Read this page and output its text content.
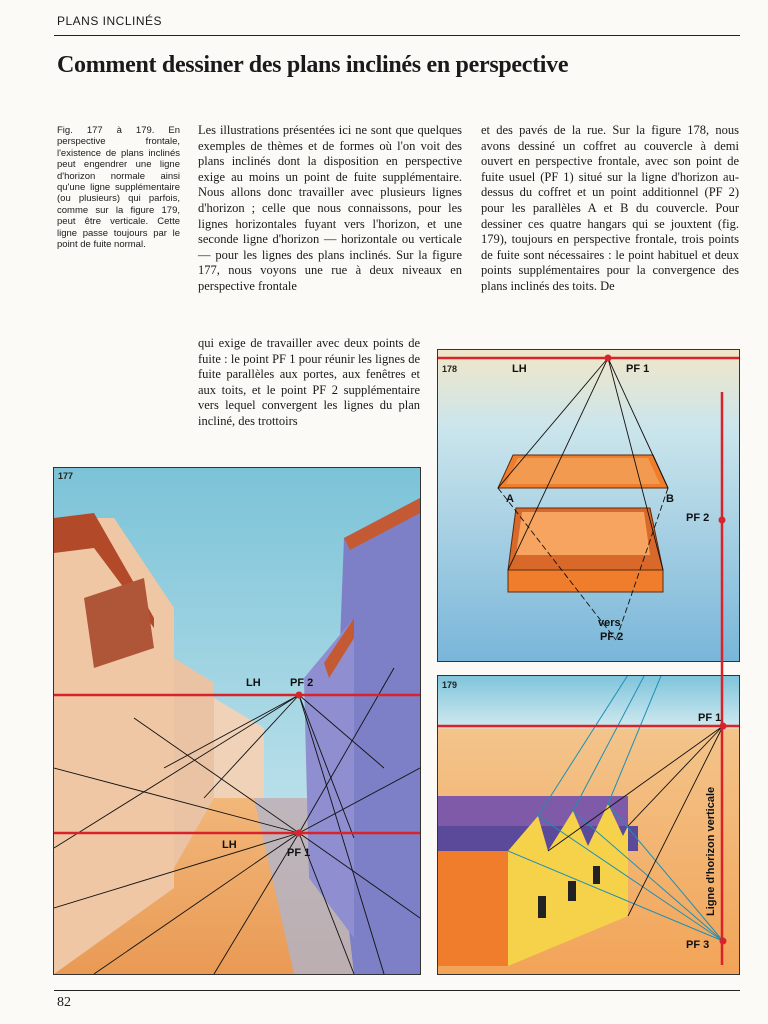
PLANS INCLINÉS
Comment dessiner des plans inclinés en perspective
Fig. 177 à 179. En perspective frontale, l'existence de plans inclinés peut engendrer une ligne d'horizon normale ainsi qu'une ligne supplémentaire (ou plusieurs) qui parfois, comme sur la figure 179, peut être verticale. Cette ligne passe toujours par le point de fuite normal.
Les illustrations présentées ici ne sont que quelques exemples de thèmes et de formes où l'on voit des plans inclinés dont la disposition en perspective exige au moins un point de fuite supplémentaire. Nous allons donc travailler avec plusieurs lignes d'horizon ; celle que nous connaissons, pour les lignes horizontales fuyant vers l'horizon, et une seconde ligne d'horizon — horizontale ou verticale — pour les lignes des plans inclinés. Sur la figure 177, nous voyons une rue à deux niveaux en perspective frontale
qui exige de travailler avec deux points de fuite : le point PF 1 pour réunir les lignes de fuite parallèles aux portes, aux fenêtres et aux toits, et le point PF 2 supplémentaire vers lequel convergent les lignes du plan incliné, des trottoirs
et des pavés de la rue. Sur la figure 178, nous avons dessiné un coffret au couvercle à demi ouvert en perspective frontale, avec son point de fuite usuel (PF 1) situé sur la ligne d'horizon au-dessus du coffret et un point additionnel (PF 2) pour les parallèles A et B du couvercle. Pour dessiner ces quatre hangars qui se jouxtent (fig. 179), toujours en perspective frontale, trois points de fuite sont nécessaires : le point habituel et deux points supplémentaires pour la convergence des plans inclinés des toits. De
177
LH	PF 2
LH
PF 1
178	LH	PF 1
A	B
vers
PF 2
179
PF 1
PF 3
Ligne d'horizon verticale
PF 2
82
